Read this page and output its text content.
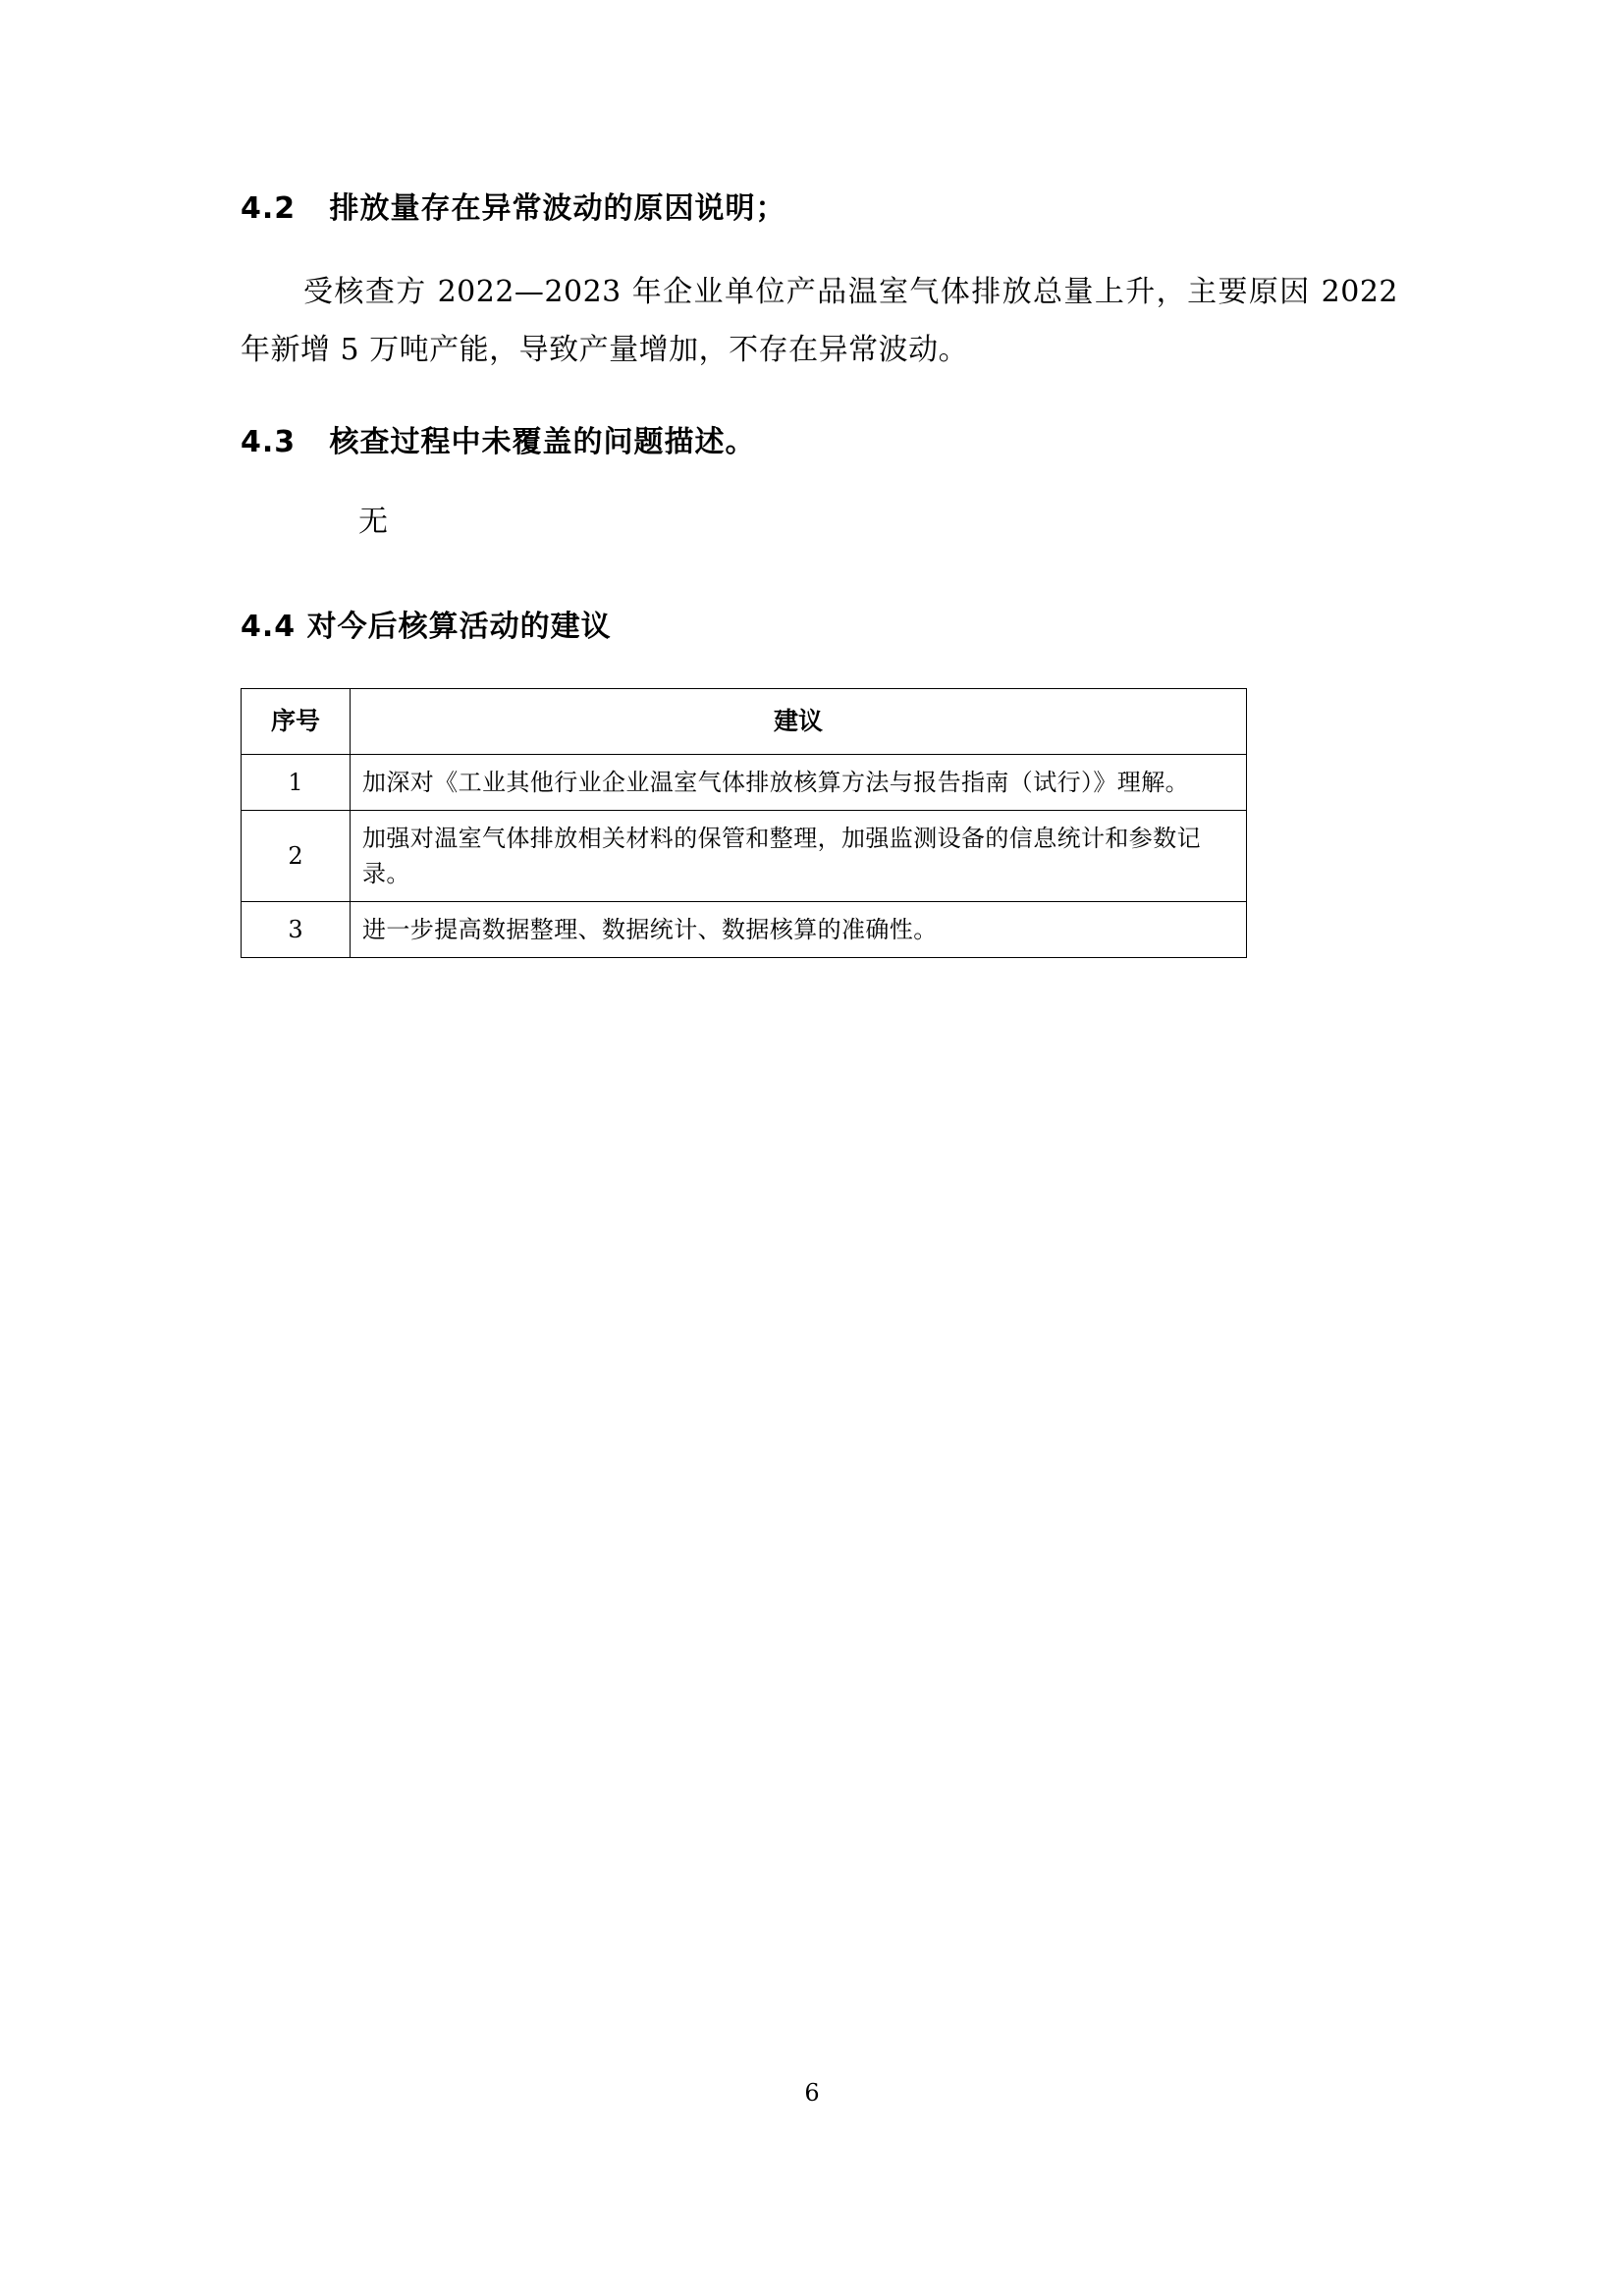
4.2 排放量存在异常波动的原因说明；

受核查方 2022—2023 年企业单位产品温室气体排放总量上升，主要原因 2022 年新增 5 万吨产能，导致产量增加，不存在异常波动。

4.3 核查过程中未覆盖的问题描述。

无

4.4 对今后核算活动的建议
序号	建议
1	加深对《工业其他行业企业温室气体排放核算方法与报告指南（试行）》理解。
2	加强对温室气体排放相关材料的保管和整理，加强监测设备的信息统计和参数记录。
3	进一步提高数据整理、数据统计、数据核算的准确性。
6
